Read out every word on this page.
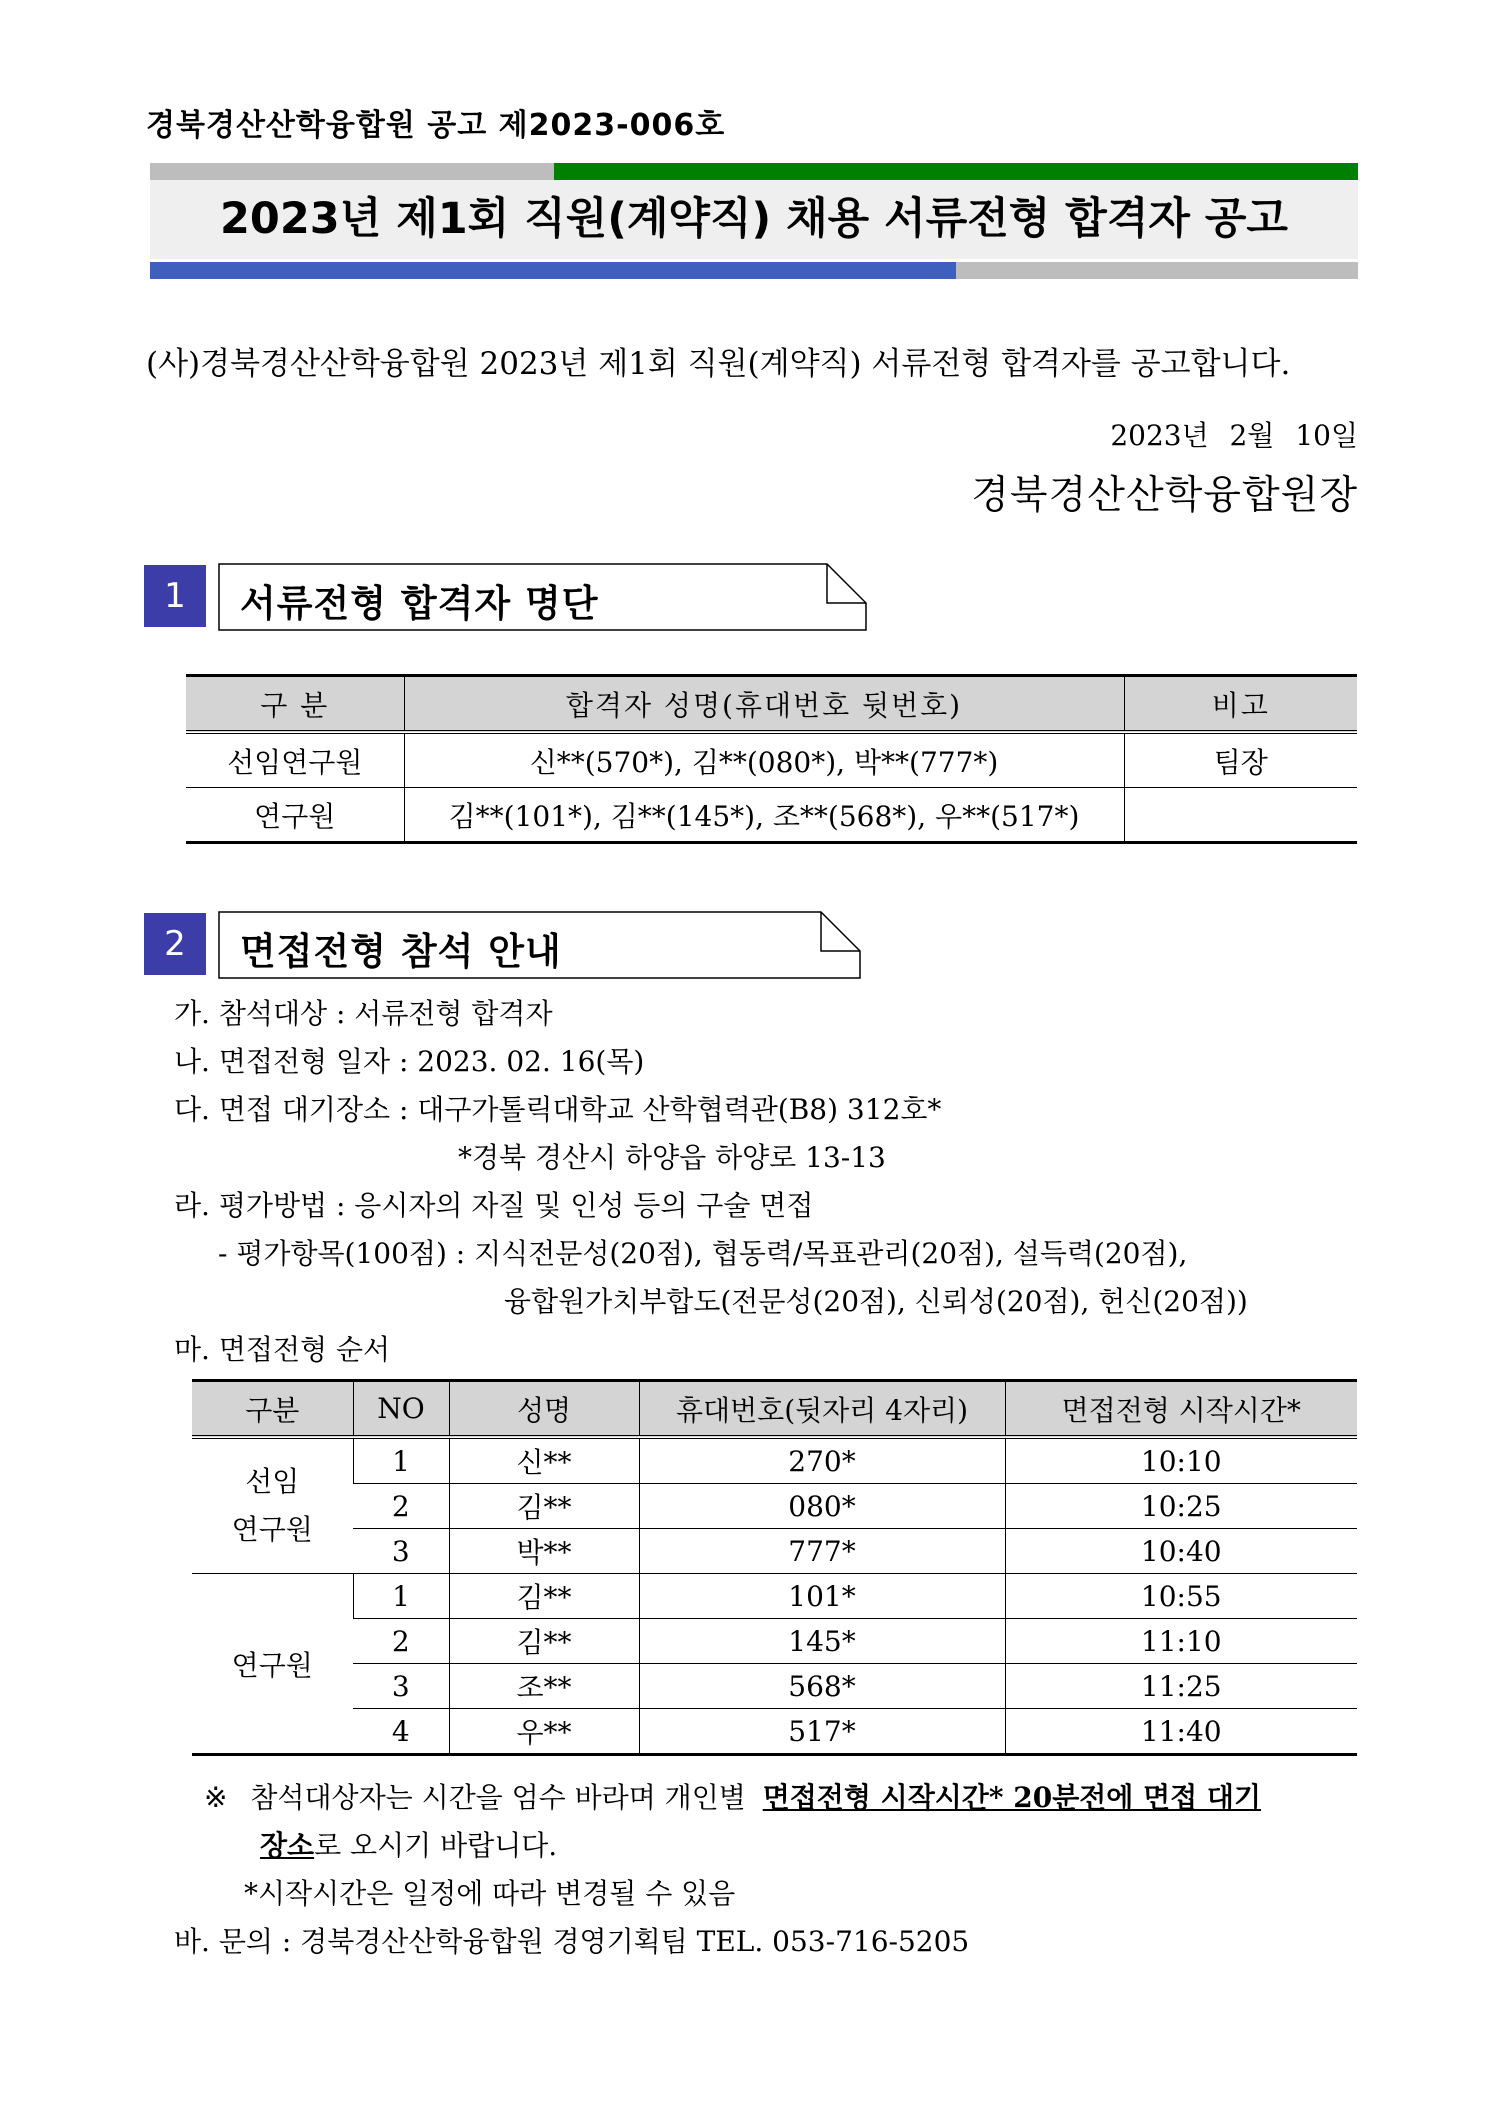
경북경산산학융합원 공고 제2023-006호
2023년 제1회 직원(계약직) 채용 서류전형 합격자 공고
(사)경북경산산학융합원 2023년 제1회 직원(계약직) 서류전형 합격자를 공고합니다.
2023년 2월 10일
경북경산산학융합원장
1	서류전형 합격자 명단
구 분	합격자 성명(휴대번호 뒷번호)	비고
선임연구원	신**(570*), 김**(080*), 박**(777*)	팀장
연구원	김**(101*), 김**(145*), 조**(568*), 우**(517*)	
2	면접전형 참석 안내
가. 참석대상 : 서류전형 합격자
나. 면접전형 일자 : 2023. 02. 16(목)
다. 면접 대기장소 : 대구가톨릭대학교 산학협력관(B8) 312호*
*경북 경산시 하양읍 하양로 13-13
라. 평가방법 : 응시자의 자질 및 인성 등의 구술 면접
- 평가항목(100점) : 지식전문성(20점), 협동력/목표관리(20점), 설득력(20점),
융합원가치부합도(전문성(20점), 신뢰성(20점), 헌신(20점))
마. 면접전형 순서
구분	NO	성명	휴대번호(뒷자리 4자리)	면접전형 시작시간*
선임
연구원	1	신**	270*	10:10
	2	김**	080*	10:25
	3	박**	777*	10:40
연구원	1	김**	101*	10:55
	2	김**	145*	11:10
	3	조**	568*	11:25
	4	우**	517*	11:40
※ 참석대상자는 시간을 엄수 바라며 개인별 면접전형 시작시간* 20분전에 면접 대기
장소로 오시기 바랍니다.
*시작시간은 일정에 따라 변경될 수 있음
바. 문의 : 경북경산산학융합원 경영기획팀 TEL. 053-716-5205
